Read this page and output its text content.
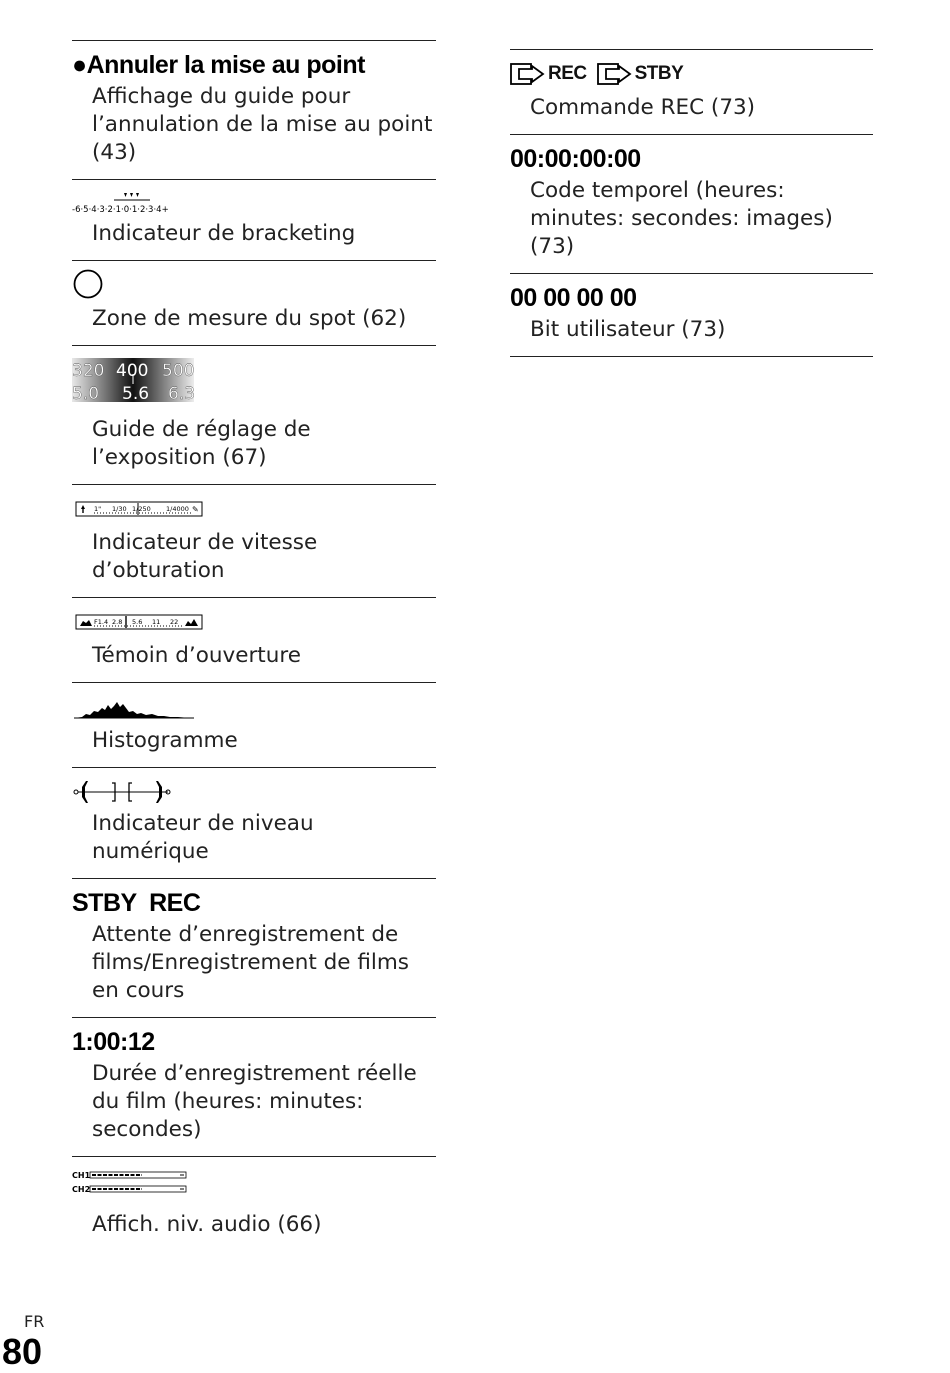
●Annuler la mise au point
Affichage du guide pour l’annulation de la mise au point (43)
-6·5·4·3·2·1·0·1·2·3·4+
Indicateur de bracketing
Zone de mesure du spot (62)
320 400 500
5.0 5.6 6.3
Guide de réglage de l’exposition (67)
1" 1/30 1/250 1/4000 ✎
Indicateur de vitesse d’obturation
F1.4 2.8 5.6 11 22
Témoin d’ouverture
Histogramme
Indicateur de niveau numérique
STBY  REC
Attente d’enregistrement de films/Enregistrement de films en cours
1:00:12
Durée d’enregistrement réelle du film (heures: minutes: secondes)
CH1
CH2
Affich. niv. audio (66)
REC	STBY
Commande REC (73)
00:00:00:00
Code temporel (heures: minutes: secondes: images) (73)
00 00 00 00
Bit utilisateur (73)
FR
80
